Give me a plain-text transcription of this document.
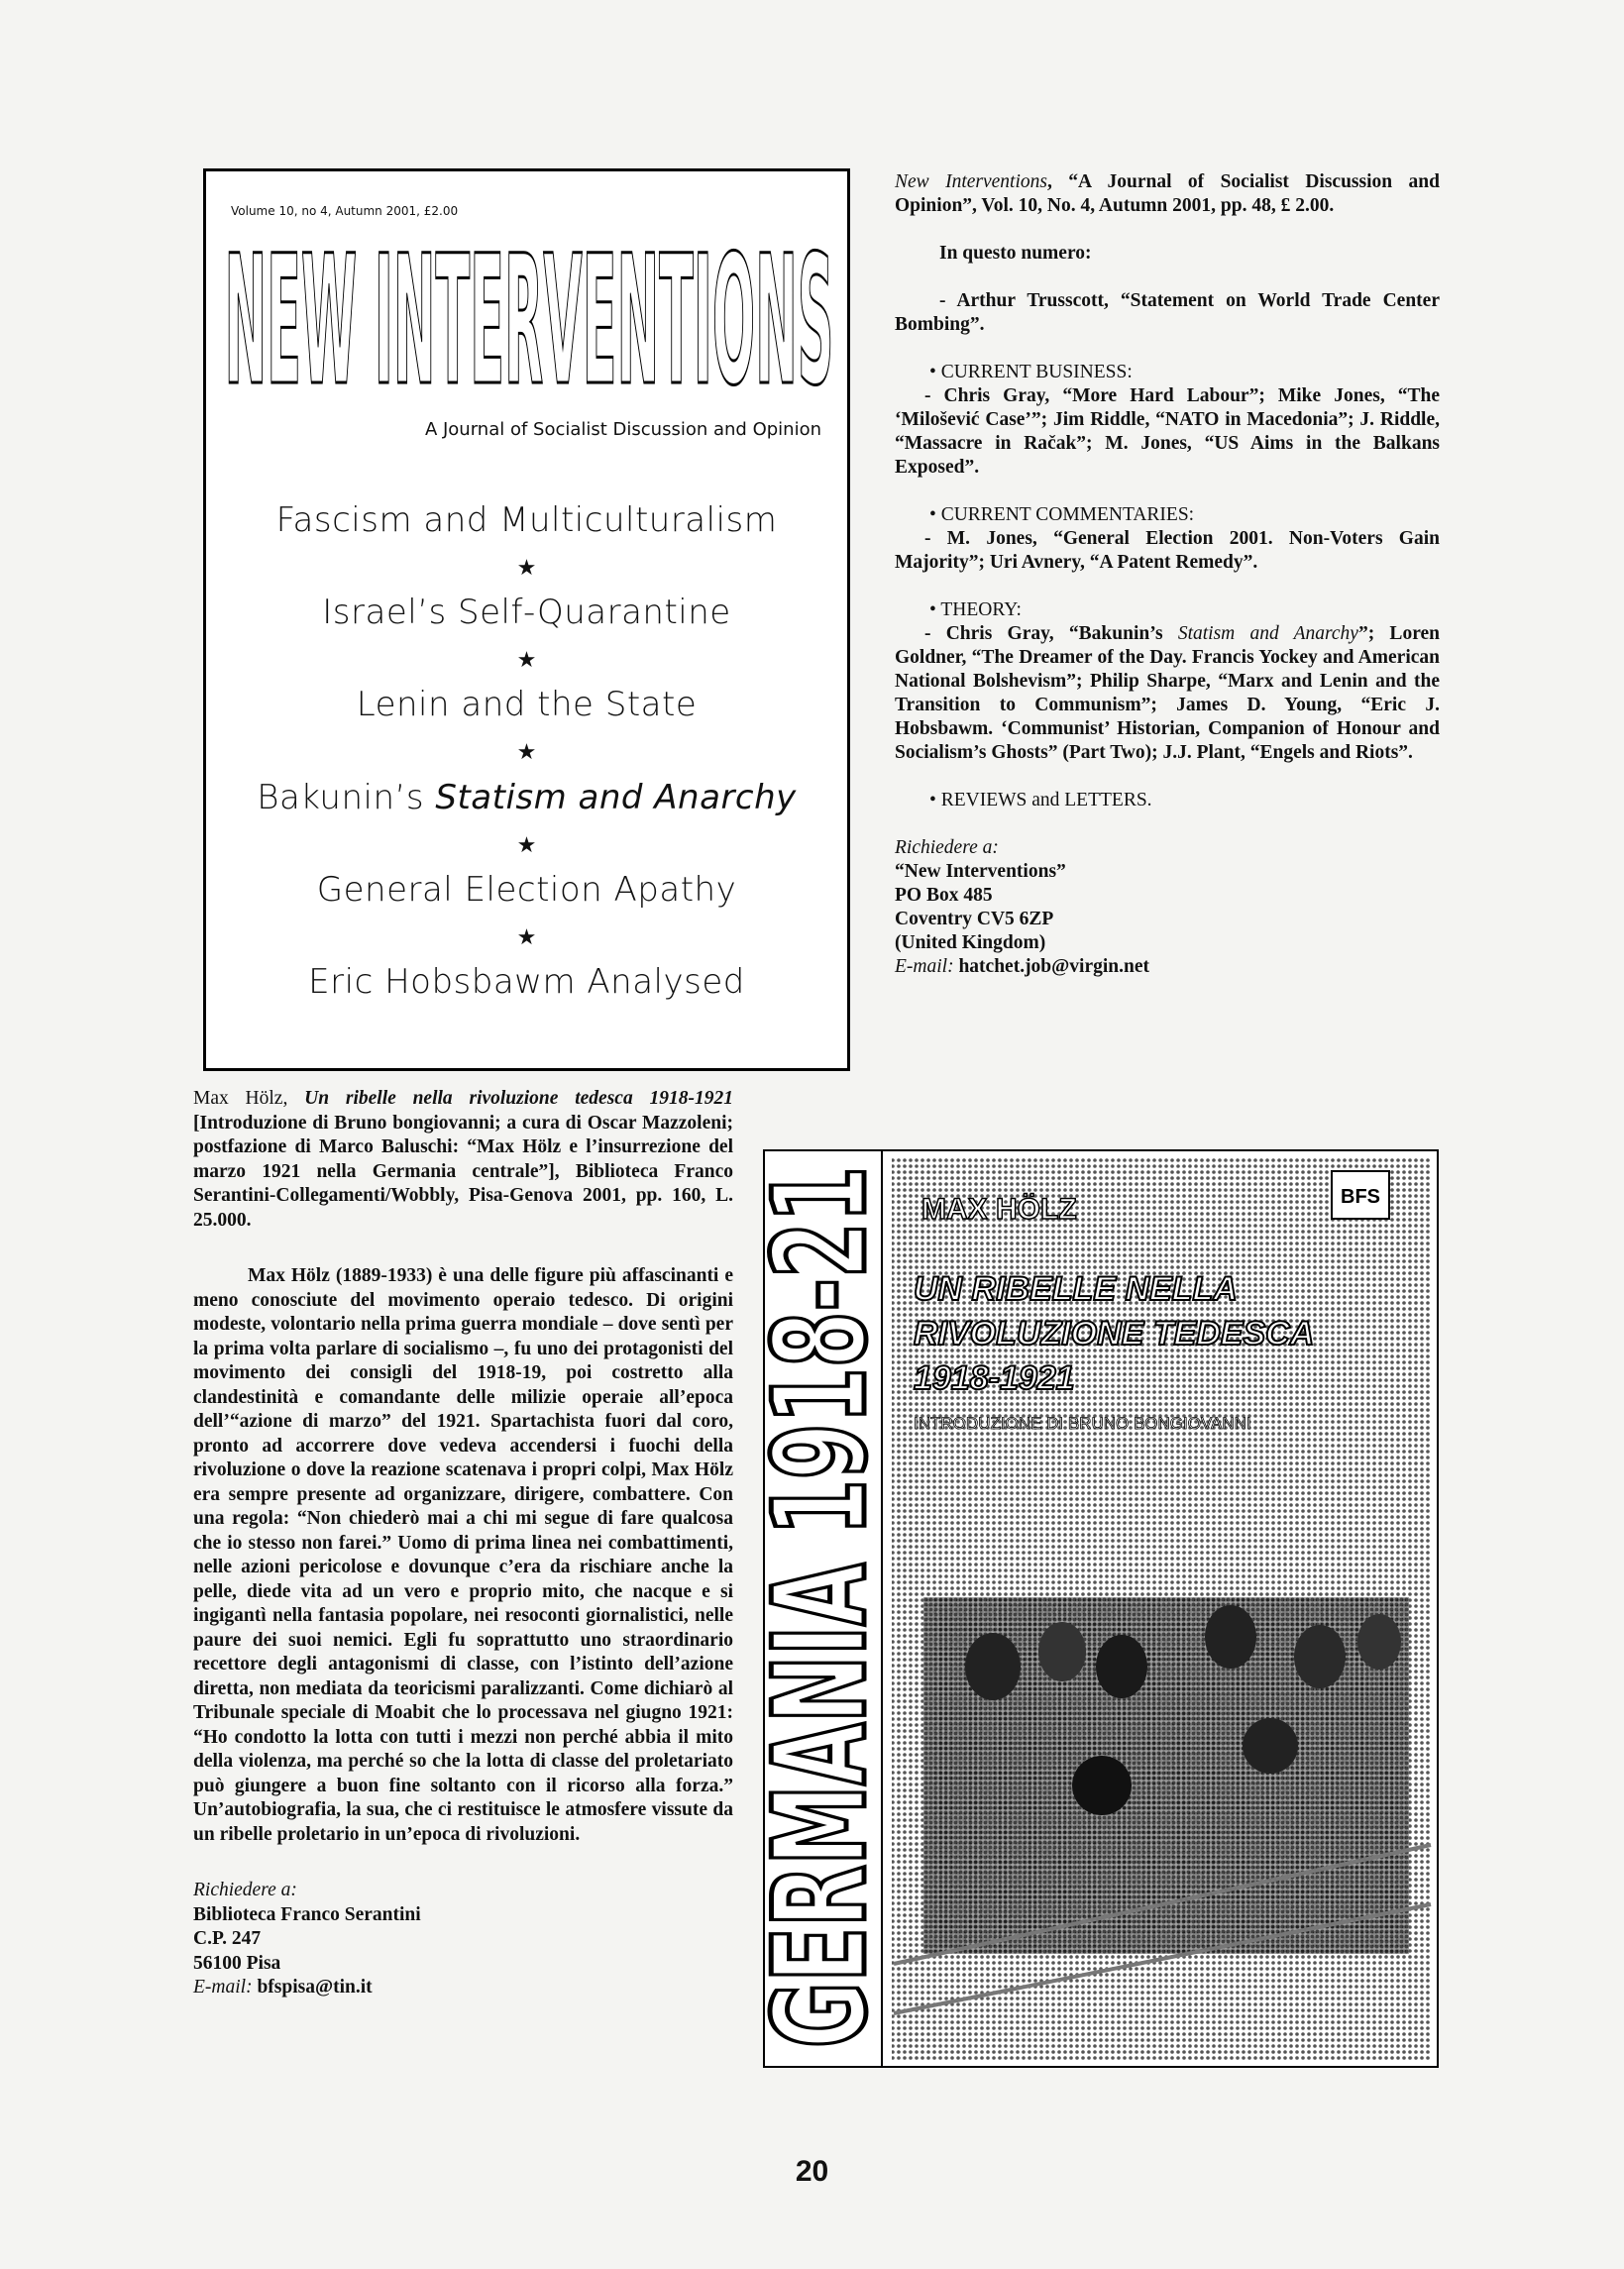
Volume 10, no 4, Autumn 2001, £2.00
NEW INTERVENTIONS
A Journal of Socialist Discussion and Opinion
Fascism and Multiculturalism
★
Israel’s Self-Quarantine
★
Lenin and the State
★
Bakunin’s Statism and Anarchy
★
General Election Apathy
★
Eric Hobsbawm Analysed

New Interventions, “A Journal of Socialist Discussion and Opinion”, Vol. 10, No. 4, Autumn 2001, pp. 48, £ 2.00.

In questo numero:

- Arthur Trusscott, “Statement on World Trade Center Bombing”.

• CURRENT BUSINESS:

- Chris Gray, “More Hard Labour”; Mike Jones, “The ‘Milošević Case’”; Jim Riddle, “NATO in Macedonia”; J. Riddle, “Massacre in Račak”; M. Jones, “US Aims in the Balkans Exposed”.

• CURRENT COMMENTARIES:

- M. Jones, “General Election 2001. Non-Voters Gain Majority”; Uri Avnery, “A Patent Remedy”.

• THEORY:

- Chris Gray, “Bakunin’s Statism and Anarchy”; Loren Goldner, “The Dreamer of the Day. Francis Yockey and American National Bolshevism”; Philip Sharpe, “Marx and Lenin and the Transition to Communism”; James D. Young, “Eric J. Hobsbawm. ‘Communist’ Historian, Companion of Honour and Socialism’s Ghosts” (Part Two); J.J. Plant, “Engels and Riots”.

• REVIEWS and LETTERS.

Richiedere a:

“New Interventions”

PO Box 485

Coventry CV5 6ZP

(United Kingdom)

E-mail: hatchet.job@virgin.net

Max Hölz, Un ribelle nella rivoluzione tedesca 1918-1921 [Introduzione di Bruno bongiovanni; a cura di Oscar Mazzoleni; postfazione di Marco Baluschi: “Max Hölz e l’insurrezione del marzo 1921 nella Germania centrale”], Biblioteca Franco Serantini-Collegamenti/Wobbly, Pisa-Genova 2001, pp. 160, L. 25.000.

Max Hölz (1889-1933) è una delle figure più affascinanti e meno conosciute del movimento operaio tedesco. Di origini modeste, volontario nella prima guerra mondiale – dove sentì per la prima volta parlare di socialismo –, fu uno dei protagonisti del movimento dei consigli del 1918-19, poi costretto alla clandestinità e comandante delle milizie operaie all’epoca dell’“azione di marzo” del 1921. Spartachista fuori dal coro, pronto ad accorrere dove vedeva accendersi i fuochi della rivoluzione o dove la reazione scatenava i propri colpi, Max Hölz era sempre presente ad organizzare, dirigere, combattere. Con una regola: “Non chiederò mai a chi mi segue di fare qualcosa che io stesso non farei.” Uomo di prima linea nei combattimenti, nelle azioni pericolose e dovunque c’era da rischiare anche la pelle, diede vita ad un vero e proprio mito, che nacque e si ingigantì nella fantasia popolare, nei resoconti giornalistici, nelle paure dei suoi nemici. Egli fu soprattutto uno straordinario recettore degli antagonismi di classe, con l’istinto dell’azione diretta, non mediata da teoricismi paralizzanti. Come dichiarò al Tribunale speciale di Moabit che lo processava nel giugno 1921: “Ho condotto la lotta con tutti i mezzi non perché abbia il mito della violenza, ma perché so che la lotta di classe del proletariato può giungere a buon fine soltanto con il ricorso alla forza.” Un’autobiografia, la sua, che ci restituisce le atmosfere vissute da un ribelle proletario in un’epoca di rivoluzioni.

Richiedere a:

Biblioteca Franco Serantini

C.P. 247

56100 Pisa

E-mail: bfspisa@tin.it	GERMANIA 1918-21 MAX HÖLZ	BFS
UN RIBELLE NELLA
RIVOLUZIONE TEDESCA
1918-1921
INTRODUZIONE DI BRUNO BONGIOVANNI
20
